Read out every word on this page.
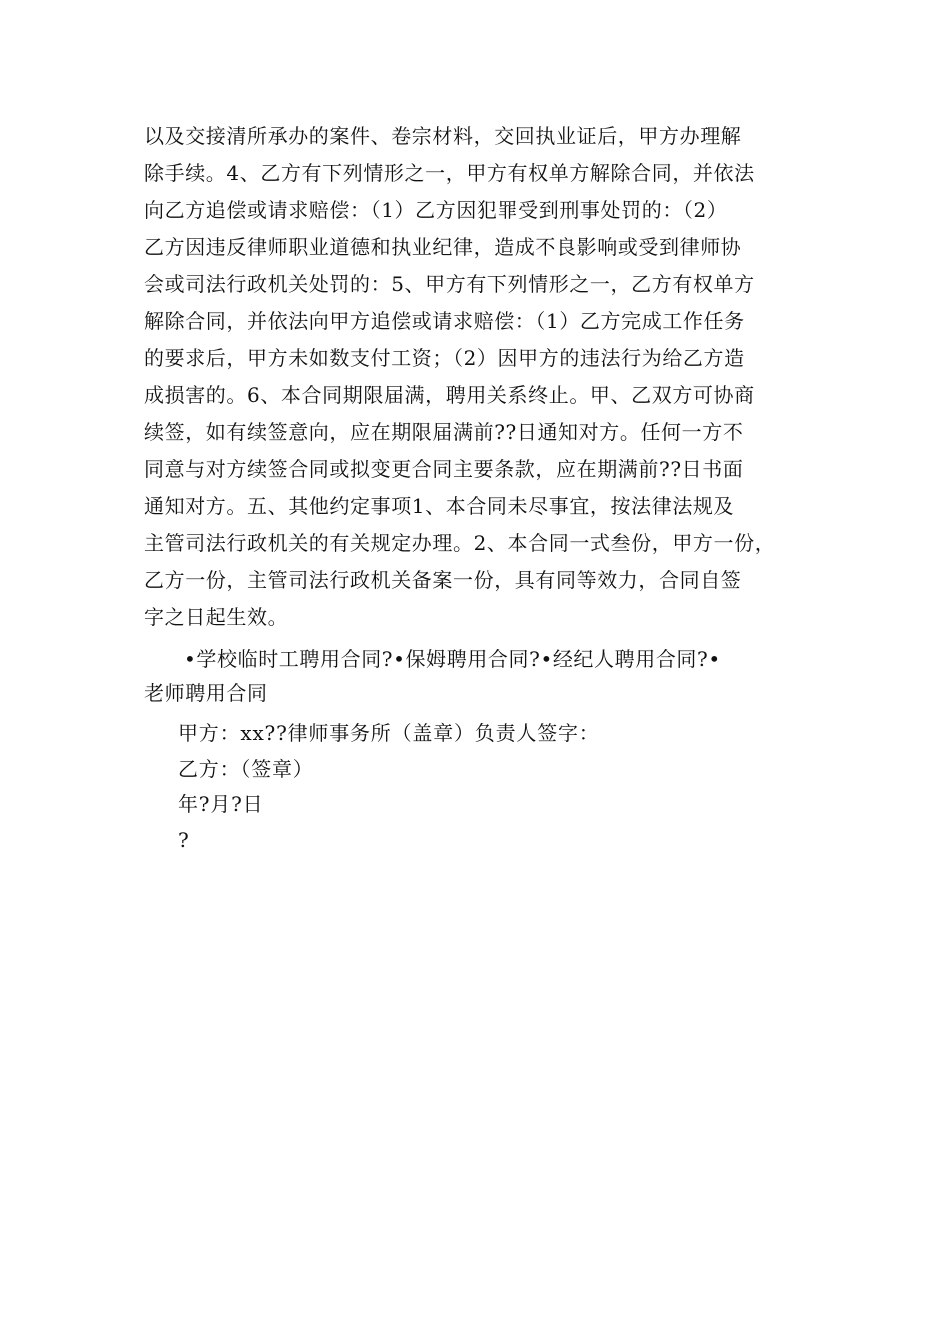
以及交接清所承办的案件、卷宗材料，交回执业证后，甲方办理解
除手续。4、乙方有下列情形之一，甲方有权单方解除合同，并依法
向乙方追偿或请求赔偿：（1）乙方因犯罪受到刑事处罚的：（2）
乙方因违反律师职业道德和执业纪律，造成不良影响或受到律师协
会或司法行政机关处罚的：5、甲方有下列情形之一，乙方有权单方
解除合同，并依法向甲方追偿或请求赔偿：（1）乙方完成工作任务
的要求后，甲方未如数支付工资；（2）因甲方的违法行为给乙方造
成损害的。6、本合同期限届满，聘用关系终止。甲、乙双方可协商
续签，如有续签意向，应在期限届满前??日通知对方。任何一方不
同意与对方续签合同或拟变更合同主要条款，应在期满前??日书面
通知对方。五、其他约定事项1、本合同未尽事宜，按法律法规及
主管司法行政机关的有关规定办理。2、本合同一式叁份，甲方一份，
乙方一份，主管司法行政机关备案一份，具有同等效力，合同自签
字之日起生效。
•学校临时工聘用合同?•保姆聘用合同?•经纪人聘用合同?•
老师聘用合同
甲方：xx??律师事务所（盖章）负责人签字：
乙方：（签章）
年?月?日
?
